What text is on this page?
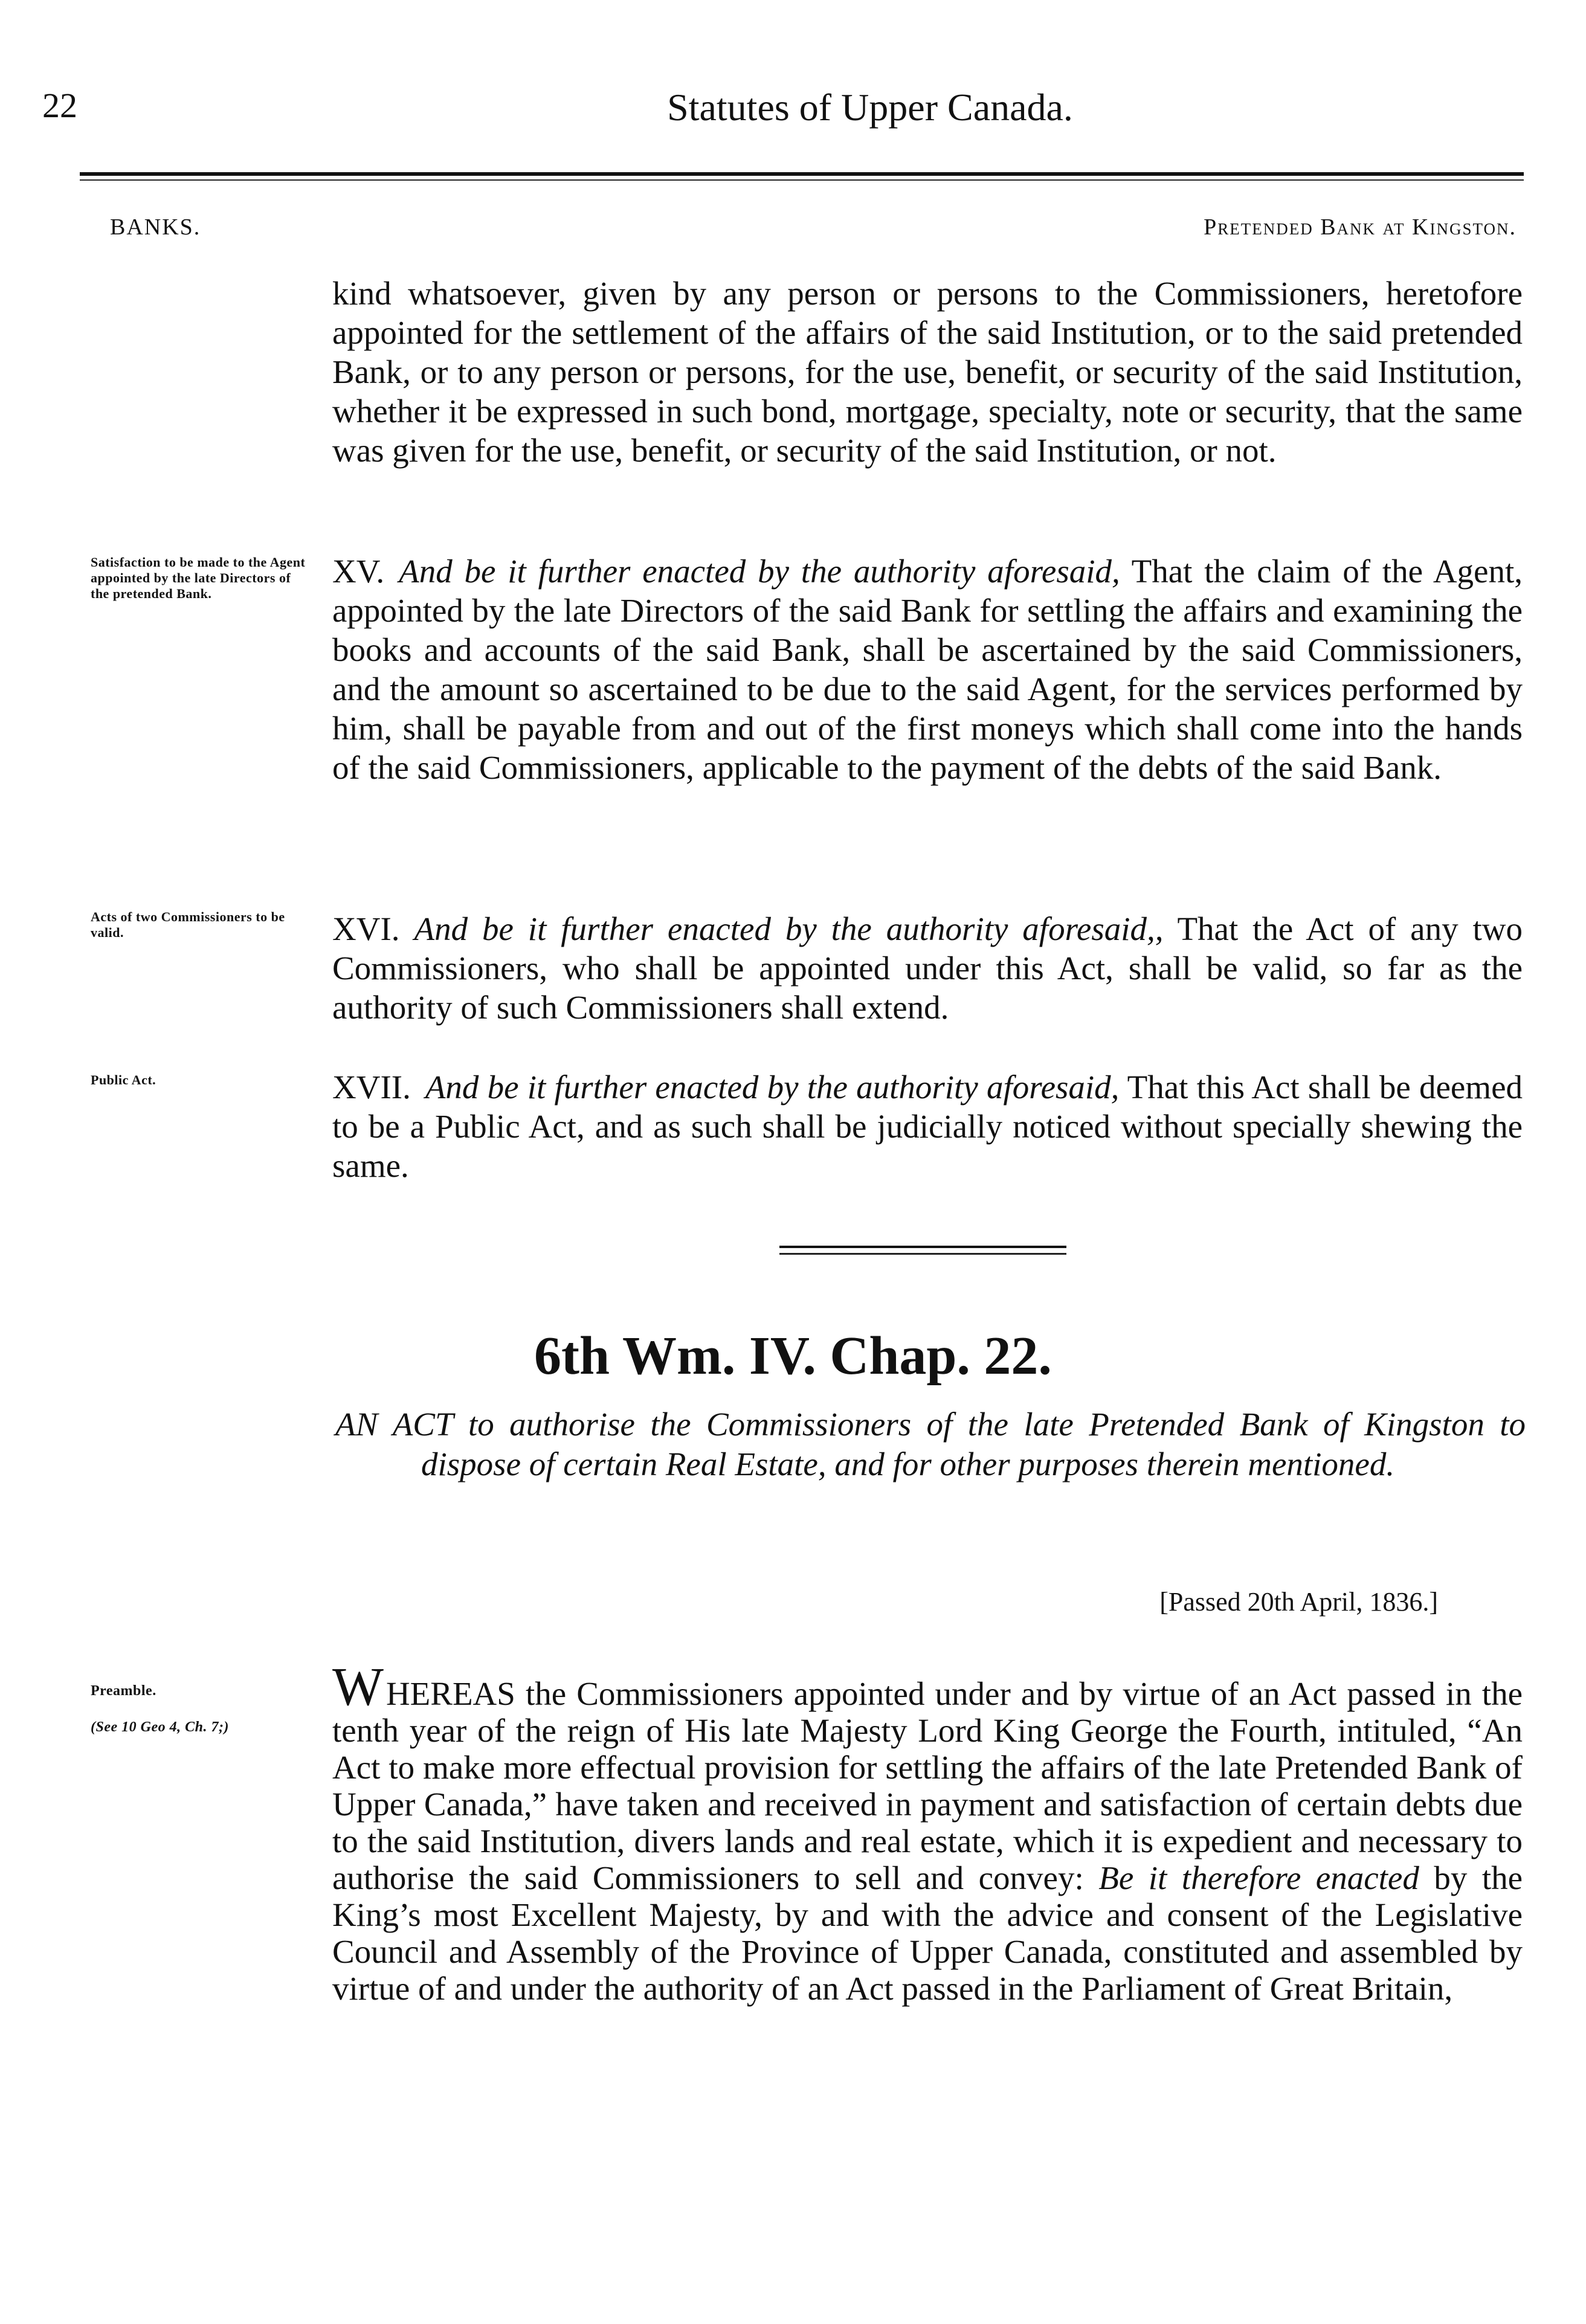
22	Statutes of Upper Canada.
BANKS.	Pretended Bank at Kingston.
kind whatsoever, given by any person or persons to the Commissioners, heretofore appointed for the settlement of the affairs of the said Institution, or to the said pretended Bank, or to any person or persons, for the use, benefit, or security of the said Institution, whether it be expressed in such bond, mortgage, specialty, note or security, that the same was given for the use, benefit, or security of the said Institution, or not.
Satisfaction to be made to the Agent appointed by the late Directors of the pretended Bank.
XV. And be it further enacted by the authority aforesaid, That the claim of the Agent, appointed by the late Directors of the said Bank for settling the affairs and examining the books and accounts of the said Bank, shall be ascertained by the said Commissioners, and the amount so ascertained to be due to the said Agent, for the services performed by him, shall be payable from and out of the first moneys which shall come into the hands of the said Commissioners, applicable to the payment of the debts of the said Bank.
Acts of two Commissioners to be valid.	XVI. And be it further enacted by the authority aforesaid,, That the Act of any two Commissioners, who shall be appointed under this Act, shall be valid, so far as the authority of such Commissioners shall extend.
Public Act.	XVII. And be it further enacted by the authority aforesaid, That this Act shall be deemed to be a Public Act, and as such shall be judicially noticed without specially shewing the same.
6th Wm. IV. Chap. 22.
AN ACT to authorise the Commissioners of the late Pretended Bank of Kingston to dispose of certain Real Estate, and for other purposes therein mentioned.
[Passed 20th April, 1836.]
Preamble.
(See 10 Geo 4, Ch. 7;)
WHEREAS the Commissioners appointed under and by virtue of an Act passed in the tenth year of the reign of His late Majesty Lord King George the Fourth, intituled, “An Act to make more effectual provision for settling the affairs of the late Pretended Bank of Upper Canada,” have taken and received in payment and satisfaction of certain debts due to the said Institution, divers lands and real estate, which it is expedient and necessary to authorise the said Commissioners to sell and convey: Be it therefore enacted by the King’s most Excellent Majesty, by and with the advice and consent of the Legislative Council and Assembly of the Province of Upper Canada, constituted and assembled by virtue of and under the authority of an Act passed in the Parliament of Great Britain,
